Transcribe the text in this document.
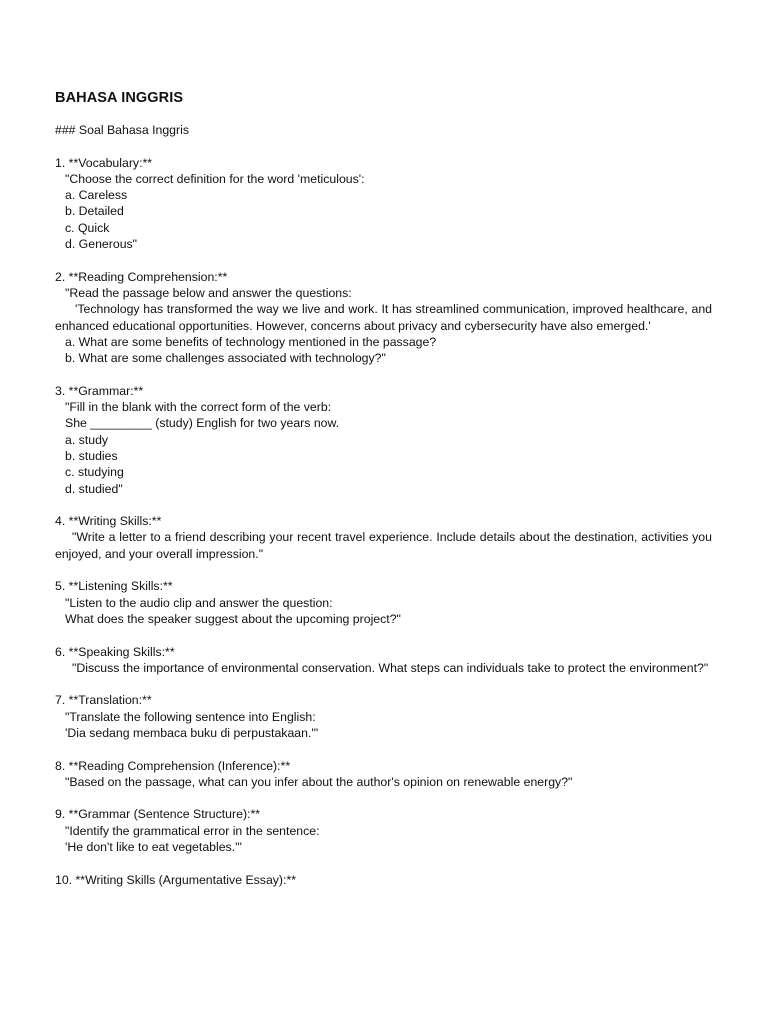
BAHASA INGGRIS
### Soal Bahasa Inggris
1. **Vocabulary:**
"Choose the correct definition for the word 'meticulous':
a. Careless
b. Detailed
c. Quick
d. Generous"
2. **Reading Comprehension:**
"Read the passage below and answer the questions:
'Technology has transformed the way we live and work. It has streamlined communication, improved healthcare, and enhanced educational opportunities. However, concerns about privacy and cybersecurity have also emerged.'
a. What are some benefits of technology mentioned in the passage?
b. What are some challenges associated with technology?"
3. **Grammar:**
"Fill in the blank with the correct form of the verb:
She _________ (study) English for two years now.
a. study
b. studies
c. studying
d. studied"
4. **Writing Skills:**
"Write a letter to a friend describing your recent travel experience. Include details about the destination, activities you enjoyed, and your overall impression."
5. **Listening Skills:**
"Listen to the audio clip and answer the question:
What does the speaker suggest about the upcoming project?"
6. **Speaking Skills:**
"Discuss the importance of environmental conservation. What steps can individuals take to protect the environment?"
7. **Translation:**
"Translate the following sentence into English:
'Dia sedang membaca buku di perpustakaan.'"
8. **Reading Comprehension (Inference):**
"Based on the passage, what can you infer about the author's opinion on renewable energy?"
9. **Grammar (Sentence Structure):**
"Identify the grammatical error in the sentence:
'He don't like to eat vegetables.'"
10. **Writing Skills (Argumentative Essay):**
